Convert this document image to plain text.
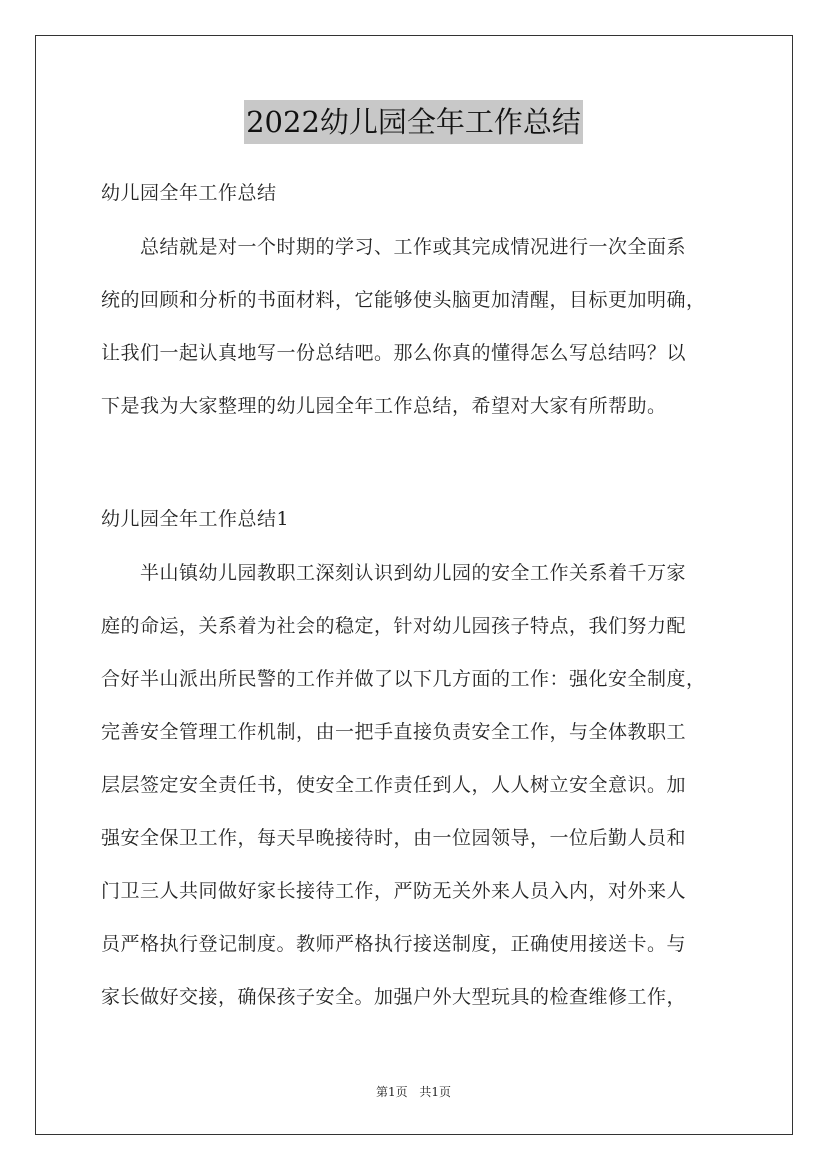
2022幼儿园全年工作总结
幼儿园全年工作总结
　　总结就是对一个时期的学习、工作或其完成情况进行一次全面系
统的回顾和分析的书面材料，它能够使头脑更加清醒，目标更加明确，
让我们一起认真地写一份总结吧。那么你真的懂得怎么写总结吗？以
下是我为大家整理的幼儿园全年工作总结，希望对大家有所帮助。
幼儿园全年工作总结1
　　半山镇幼儿园教职工深刻认识到幼儿园的安全工作关系着千万家
庭的命运，关系着为社会的稳定，针对幼儿园孩子特点，我们努力配
合好半山派出所民警的工作并做了以下几方面的工作：强化安全制度，
完善安全管理工作机制，由一把手直接负责安全工作，与全体教职工
层层签定安全责任书，使安全工作责任到人，人人树立安全意识。加
强安全保卫工作，每天早晚接待时，由一位园领导，一位后勤人员和
门卫三人共同做好家长接待工作，严防无关外来人员入内，对外来人
员严格执行登记制度。教师严格执行接送制度，正确使用接送卡。与
家长做好交接，确保孩子安全。加强户外大型玩具的检查维修工作，
第1页 共1页
